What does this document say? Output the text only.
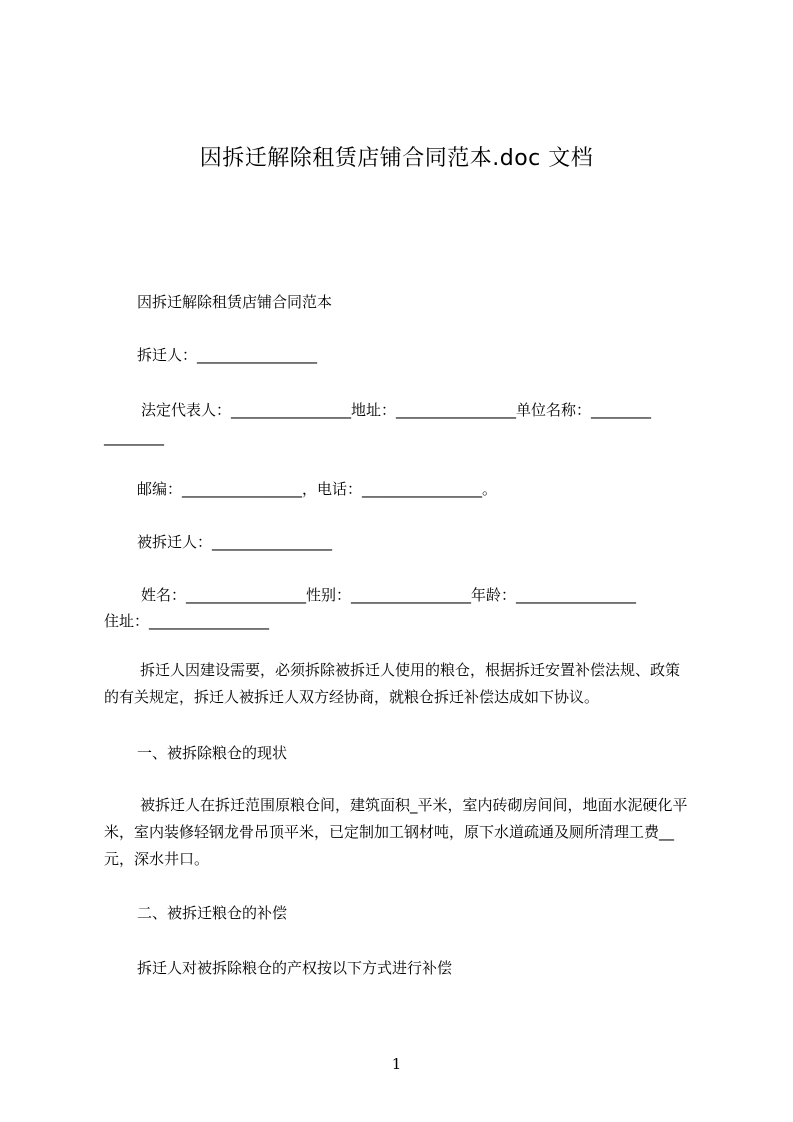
因拆迁解除租赁店铺合同范本.doc 文档

因拆迁解除租赁店铺合同范本

拆迁人：________________

法定代表人：________________地址：________________单位名称：________

________

邮编：________________，电话：________________。

被拆迁人：________________

姓名：________________性别：________________年龄：________________

住址：________________

拆迁人因建设需要，必须拆除被拆迁人使用的粮仓，根据拆迁安置补偿法规、政策的有关规定，拆迁人被拆迁人双方经协商，就粮仓拆迁补偿达成如下协议。

一、被拆除粮仓的现状

被拆迁人在拆迁范围原粮仓间，建筑面积_平米，室内砖砌房间间，地面水泥硬化平米，室内装修轻钢龙骨吊顶平米，已定制加工钢材吨，原下水道疏通及厕所清理工费__元，深水井口。

二、被拆迁粮仓的补偿

拆迁人对被拆除粮仓的产权按以下方式进行补偿

1
